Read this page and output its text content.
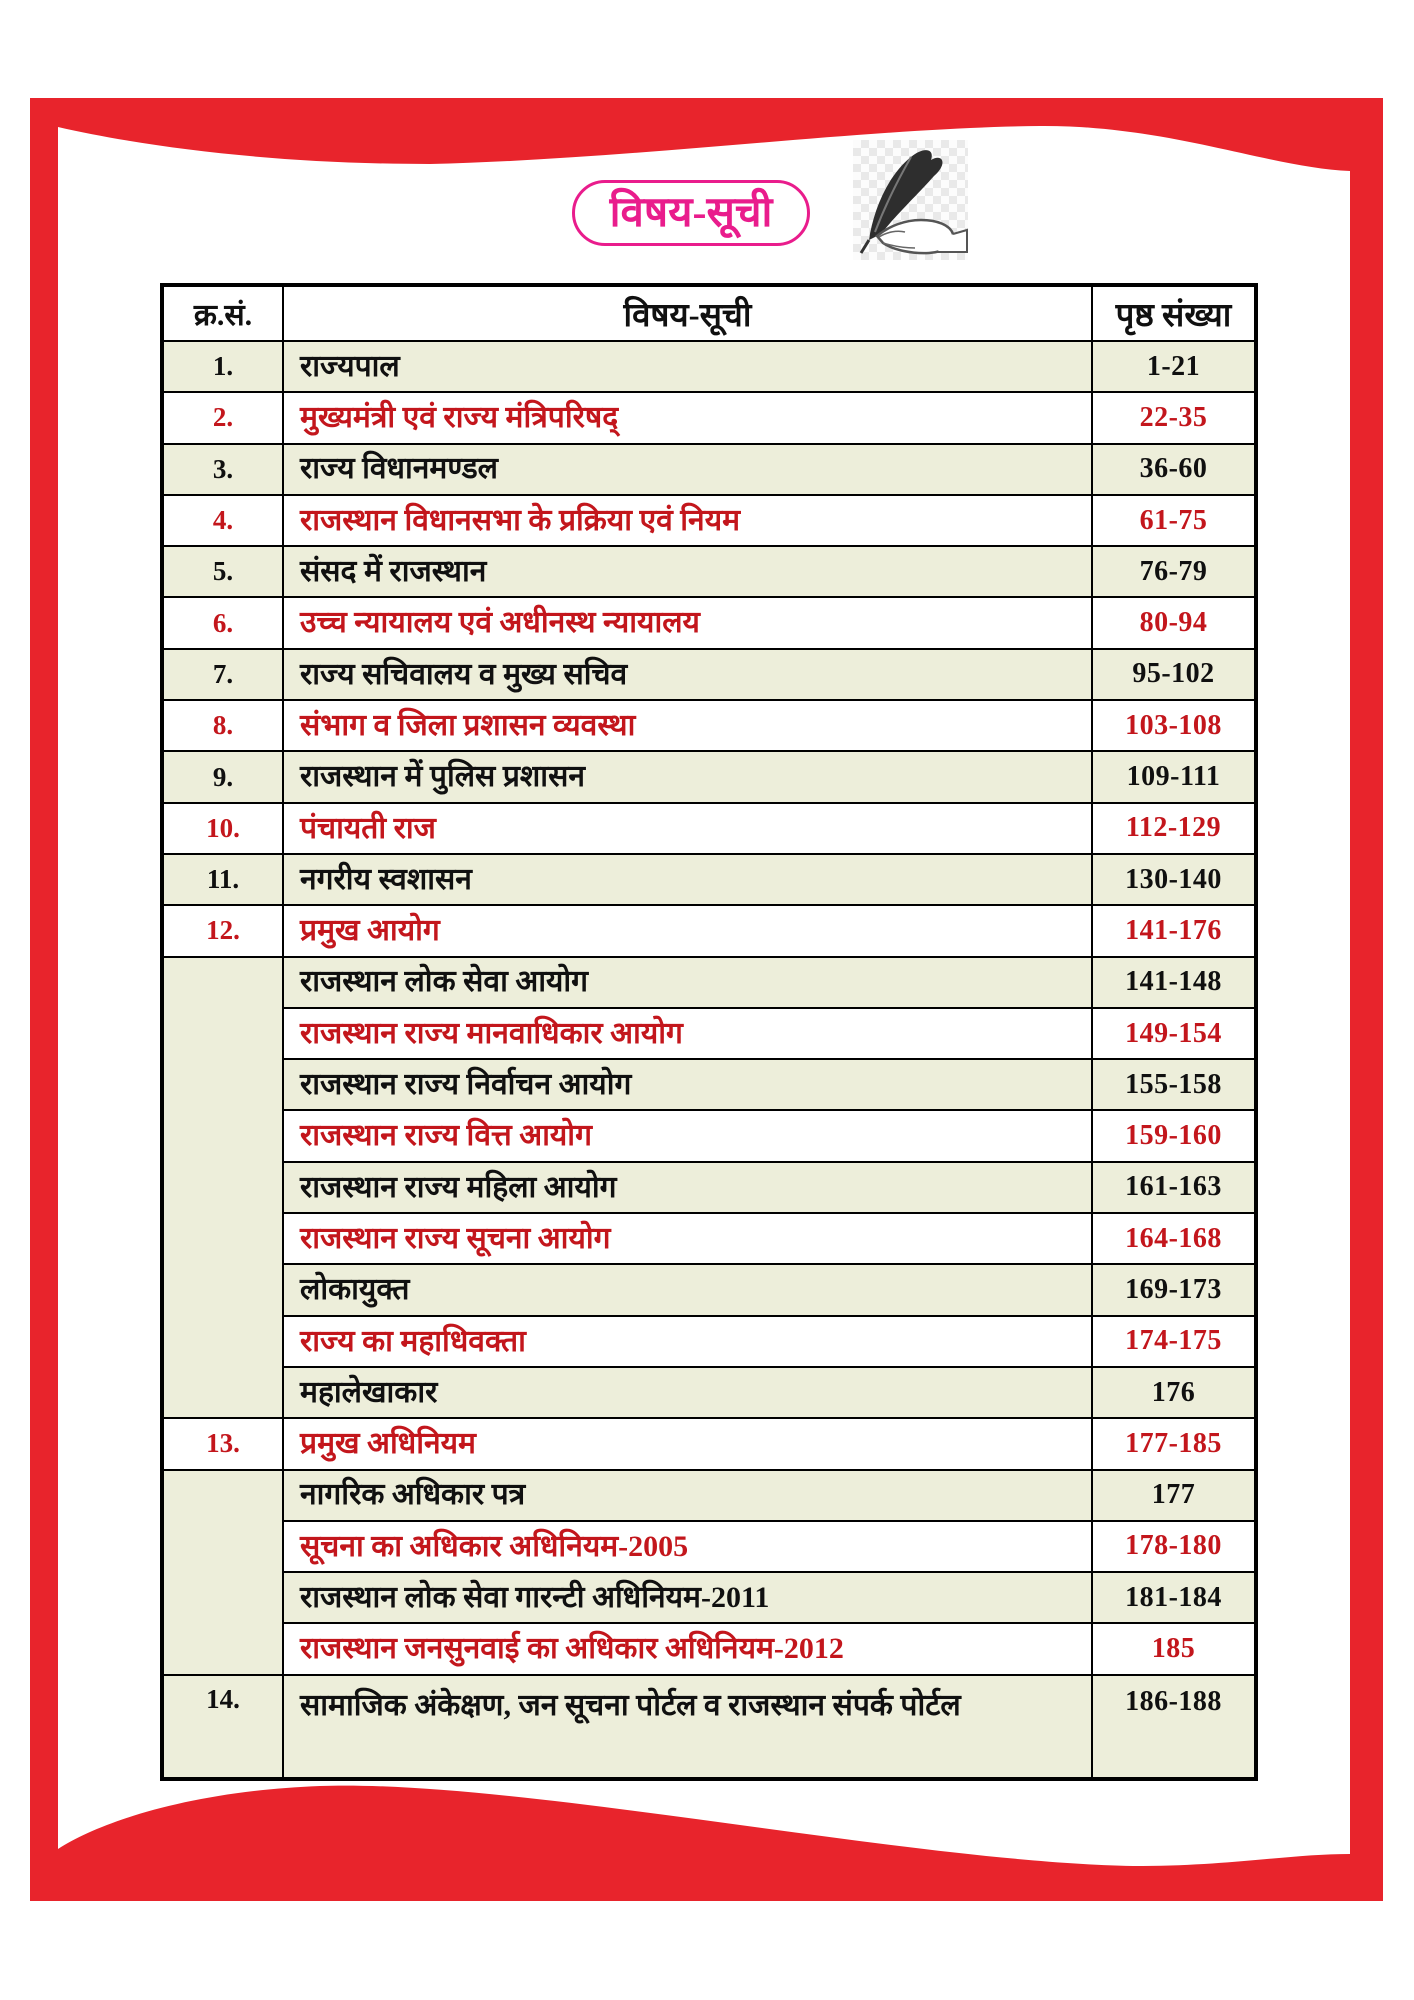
विषय-सूची
क्र.सं.	विषय-सूची	पृष्ठ संख्या
1.	राज्यपाल	1-21
2.	मुख्यमंत्री एवं राज्य मंत्रिपरिषद्	22-35
3.	राज्य विधानमण्डल	36-60
4.	राजस्थान विधानसभा के प्रक्रिया एवं नियम	61-75
5.	संसद में राजस्थान	76-79
6.	उच्च न्यायालय एवं अधीनस्थ न्यायालय	80-94
7.	राज्य सचिवालय व मुख्य सचिव	95-102
8.	संभाग व जिला प्रशासन व्यवस्था	103-108
9.	राजस्थान में पुलिस प्रशासन	109-111
10.	पंचायती राज	112-129
11.	नगरीय स्वशासन	130-140
12.	प्रमुख आयोग	141-176
	राजस्थान लोक सेवा आयोग	141-148
	राजस्थान राज्य मानवाधिकार आयोग	149-154
	राजस्थान राज्य निर्वाचन आयोग	155-158
	राजस्थान राज्य वित्त आयोग	159-160
	राजस्थान राज्य महिला आयोग	161-163
	राजस्थान राज्य सूचना आयोग	164-168
	लोकायुक्त	169-173
	राज्य का महाधिवक्ता	174-175
	महालेखाकार	176
13.	प्रमुख अधिनियम	177-185
	नागरिक अधिकार पत्र	177
	सूचना का अधिकार अधिनियम-2005	178-180
	राजस्थान लोक सेवा गारन्टी अधिनियम-2011	181-184
	राजस्थान जनसुनवाई का अधिकार अधिनियम-2012	185
14.	सामाजिक अंकेक्षण, जन सूचना पोर्टल व राजस्थान संपर्क पोर्टल	186-188
